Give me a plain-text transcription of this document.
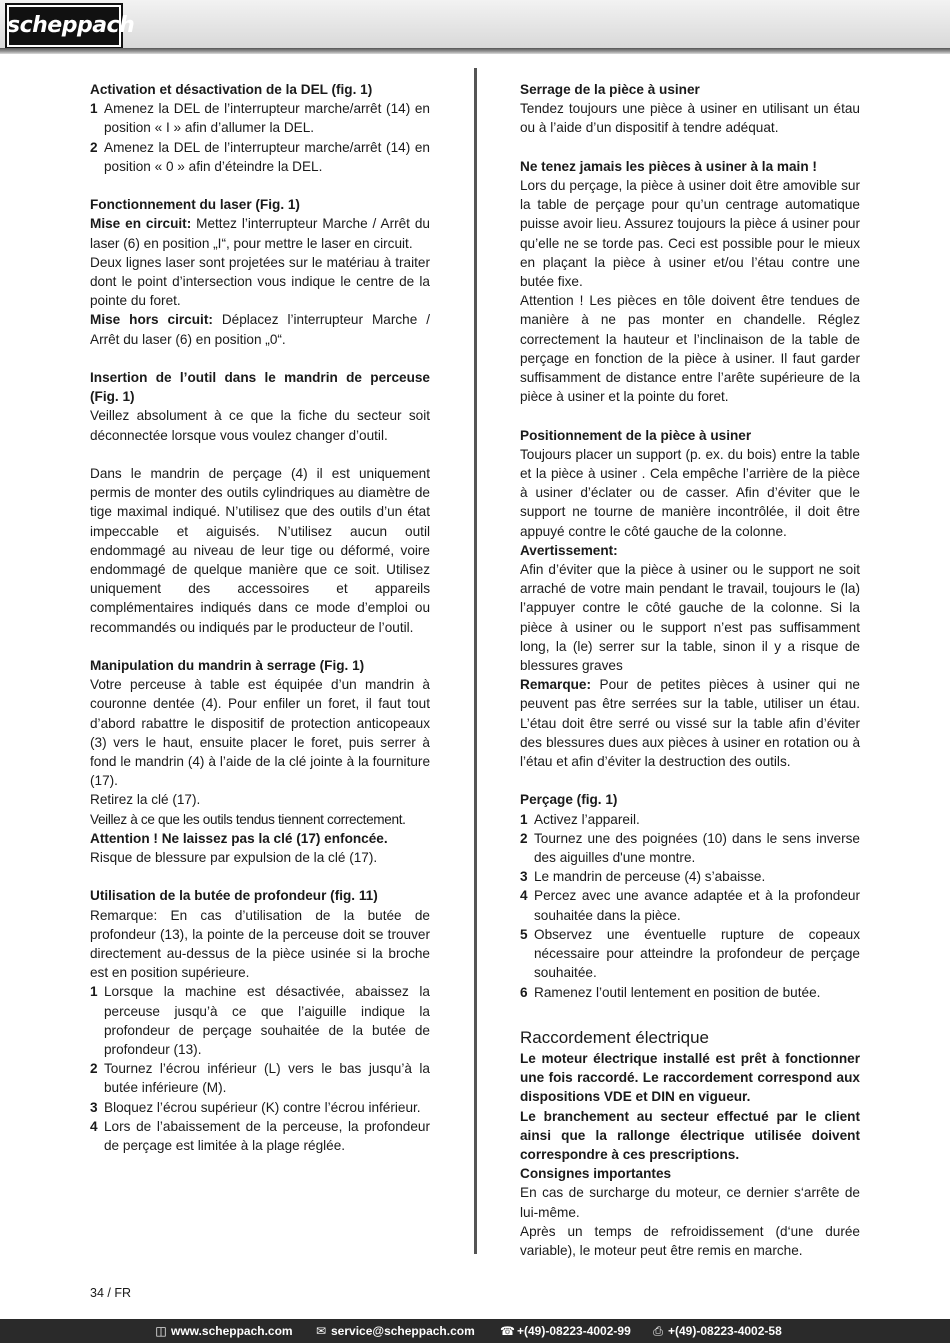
scheppach

Activation et désactivation de la DEL (fig. 1)

1 Amenez la DEL de l’interrupteur marche/arrêt (14) en position « I » afin d’allumer la DEL.
2 Amenez la DEL de l’interrupteur marche/arrêt (14) en position « 0 » afin d’éteindre la DEL.

Fonctionnement du laser (Fig. 1)

Mise en circuit: Mettez l’interrupteur Marche / Arrêt du laser (6) en position „I“, pour mettre le laser en circuit.

Deux lignes laser sont projetées sur le matériau à traiter dont le point d’intersection vous indique le centre de la pointe du foret.

Mise hors circuit: Déplacez l’interrupteur Marche / Arrêt du laser (6) en position „0“.

Insertion de l’outil dans le mandrin de perceuse (Fig. 1)

Veillez absolument à ce que la fiche du secteur soit déconnectée lorsque vous voulez changer d’outil.

Dans le mandrin de perçage (4) il est uniquement permis de monter des outils cylindriques au diamètre de tige maximal indiqué. N’utilisez que des outils d’un état impeccable et aiguisés. N’utilisez aucun outil endommagé au niveau de leur tige ou déformé, voire endommagé de quelque manière que ce soit. Utilisez uniquement des accessoires et appareils complémentaires indiqués dans ce mode d’emploi ou recommandés ou indiqués par le producteur de l’outil.

Manipulation du mandrin à serrage (Fig. 1)

Votre perceuse à table est équipée d’un mandrin à couronne dentée (4). Pour enfiler un foret, il faut tout d’abord rabattre le dispositif de protection anticopeaux (3) vers le haut, ensuite placer le foret, puis serrer à fond le mandrin (4) à l’aide de la clé jointe à la fourniture (17).

Retirez la clé (17).

Veillez à ce que les outils tendus tiennent correctement.

Attention ! Ne laissez pas la clé (17) enfoncée.

Risque de blessure par expulsion de la clé (17).

Utilisation de la butée de profondeur (fig. 11)

Remarque: En cas d’utilisation de la butée de profondeur (13), la pointe de la perceuse doit se trouver directement au-dessus de la pièce usinée si la broche est en position supérieure.

1 Lorsque la machine est désactivée, abaissez la perceuse jusqu’à ce que l’aiguille indique la profondeur de perçage souhaitée de la butée de profondeur (13).
2 Tournez l’écrou inférieur (L) vers le bas jusqu’à la butée inférieure (M).
3 Bloquez l’écrou supérieur (K) contre l’écrou inférieur.
4 Lors de l’abaissement de la perceuse, la profondeur de perçage est limitée à la plage réglée.

Serrage de la pièce à usiner

Tendez toujours une pièce à usiner en utilisant un étau ou à l’aide d’un dispositif à tendre adéquat.

Ne tenez jamais les pièces à usiner à la main !

Lors du perçage, la pièce à usiner doit être amovible sur la table de perçage pour qu’un centrage automatique puisse avoir lieu. Assurez toujours la pièce á usiner pour qu’elle ne se torde pas. Ceci est possible pour le mieux en plaçant la pièce à usiner et/ou l’étau contre une butée fixe.

Attention ! Les pièces en tôle doivent être tendues de manière à ne pas monter en chandelle. Réglez correctement la hauteur et l’inclinaison de la table de perçage en fonction de la pièce à usiner. Il faut garder suffisamment de distance entre l’arête supérieure de la pièce à usiner et la pointe du foret.

Positionnement de la pièce à usiner

Toujours placer un support (p. ex. du bois) entre la table et la pièce à usiner . Cela empêche l’arrière de la pièce à usiner d’éclater ou de casser. Afin d’éviter que le support ne tourne de manière incontrôlée, il doit être appuyé contre le côté gauche de la colonne.

Avertissement:

Afin d’éviter que la pièce à usiner ou le support ne soit arraché de votre main pendant le travail, toujours le (la) l’appuyer contre le côté gauche de la colonne. Si la pièce à usiner ou le support n’est pas suffisamment long, la (le) serrer sur la table, sinon il y a risque de blessures graves

Remarque: Pour de petites pièces à usiner qui ne peuvent pas être serrées sur la table, utiliser un étau. L’étau doit être serré ou vissé sur la table afin d’éviter des blessures dues aux pièces à usiner en rotation ou à l’étau et afin d’éviter la destruction des outils.

Perçage (fig. 1)

1 Activez l’appareil.
2 Tournez une des poignées (10) dans le sens inverse des aiguilles d'une montre.
3 Le mandrin de perceuse (4) s’abaisse.
4 Percez avec une avance adaptée et à la profondeur souhaitée dans la pièce.
5 Observez une éventuelle rupture de copeaux nécessaire pour atteindre la profondeur de perçage souhaitée.
6 Ramenez l’outil lentement en position de butée.

Raccordement électrique

Le moteur électrique installé est prêt à fonctionner une fois raccordé. Le raccordement correspond aux dispositions VDE et DIN en vigueur.

Le branchement au secteur effectué par le client ainsi que la rallonge électrique utilisée doivent correspondre à ces prescriptions.

Consignes importantes

En cas de surcharge du moteur, ce dernier s‘arrête de lui-même.

Après un temps de refroidissement (d‘une durée variable), le moteur peut être remis en marche.

34 / FR
◫ www.scheppach.com ✉ service@scheppach.com ☎ +(49)-08223-4002-99 ⎙ +(49)-08223-4002-58
